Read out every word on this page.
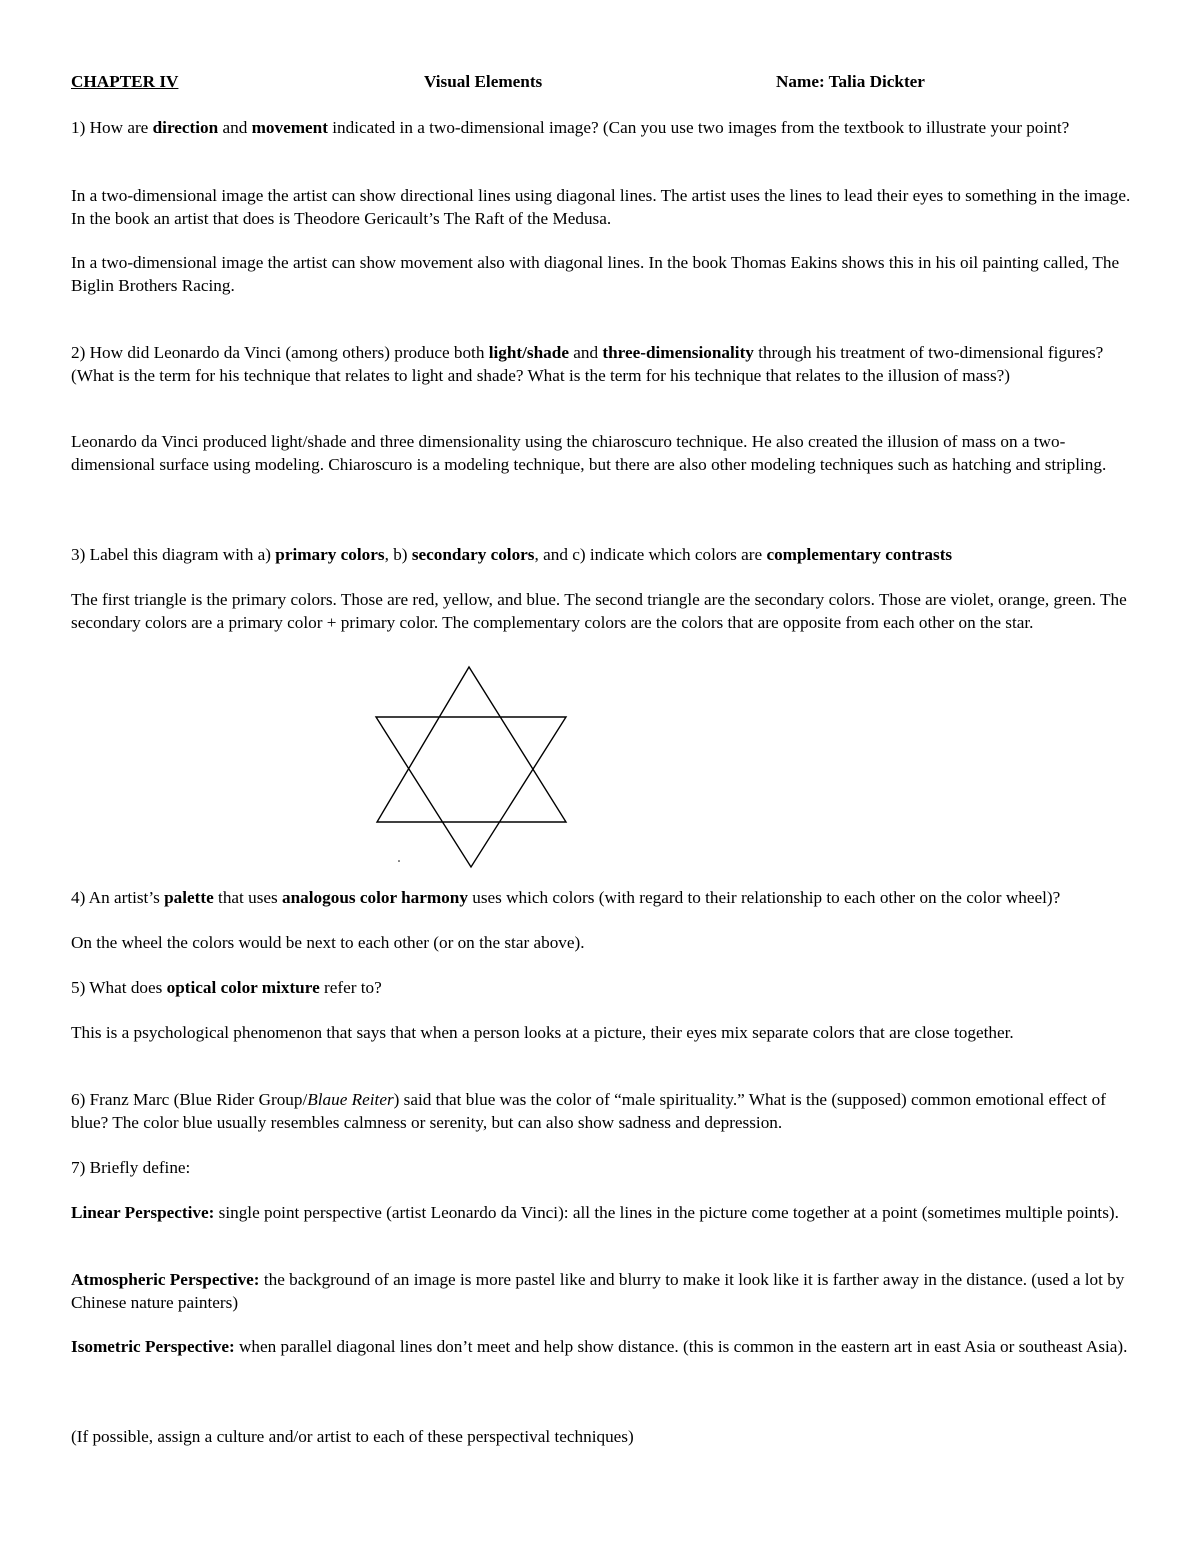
CHAPTER IV	Visual Elements	Name: Talia Dickter

1) How are direction and movement indicated in a two-dimensional image? (Can you use two images from the textbook to illustrate your point?

In a two-dimensional image the artist can show directional lines using diagonal lines. The artist uses the lines to lead their eyes to something in the image. In the book an artist that does is Theodore Gericault’s The Raft of the Medusa.

In a two-dimensional image the artist can show movement also with diagonal lines. In the book Thomas Eakins shows this in his oil painting called, The Biglin Brothers Racing.

2) How did Leonardo da Vinci (among others) produce both light/shade and three-dimensionality through his treatment of two-dimensional figures? (What is the term for his technique that relates to light and shade? What is the term for his technique that relates to the illusion of mass?)

Leonardo da Vinci produced light/shade and three dimensionality using the chiaroscuro technique. He also created the illusion of mass on a two-dimensional surface using modeling. Chiaroscuro is a modeling technique, but there are also other modeling techniques such as hatching and stripling.

3) Label this diagram with a) primary colors, b) secondary colors, and c) indicate which colors are complementary contrasts

The first triangle is the primary colors. Those are red, yellow, and blue. The second triangle are the secondary colors. Those are violet, orange, green. The secondary colors are a primary color + primary color. The complementary colors are the colors that are opposite from each other on the star.

4) An artist’s palette that uses analogous color harmony uses which colors (with regard to their relationship to each other on the color wheel)?

On the wheel the colors would be next to each other (or on the star above).

5) What does optical color mixture refer to?

This is a psychological phenomenon that says that when a person looks at a picture, their eyes mix separate colors that are close together.

6) Franz Marc (Blue Rider Group/Blaue Reiter) said that blue was the color of “male spirituality.” What is the (supposed) common emotional effect of blue? The color blue usually resembles calmness or serenity, but can also show sadness and depression.

7) Briefly define:

Linear Perspective: single point perspective (artist Leonardo da Vinci): all the lines in the picture come together at a point (sometimes multiple points).

Atmospheric Perspective: the background of an image is more pastel like and blurry to make it look like it is farther away in the distance. (used a lot by Chinese nature painters)

Isometric Perspective: when parallel diagonal lines don’t meet and help show distance. (this is common in the eastern art in east Asia or southeast Asia).

(If possible, assign a culture and/or artist to each of these perspectival techniques)
